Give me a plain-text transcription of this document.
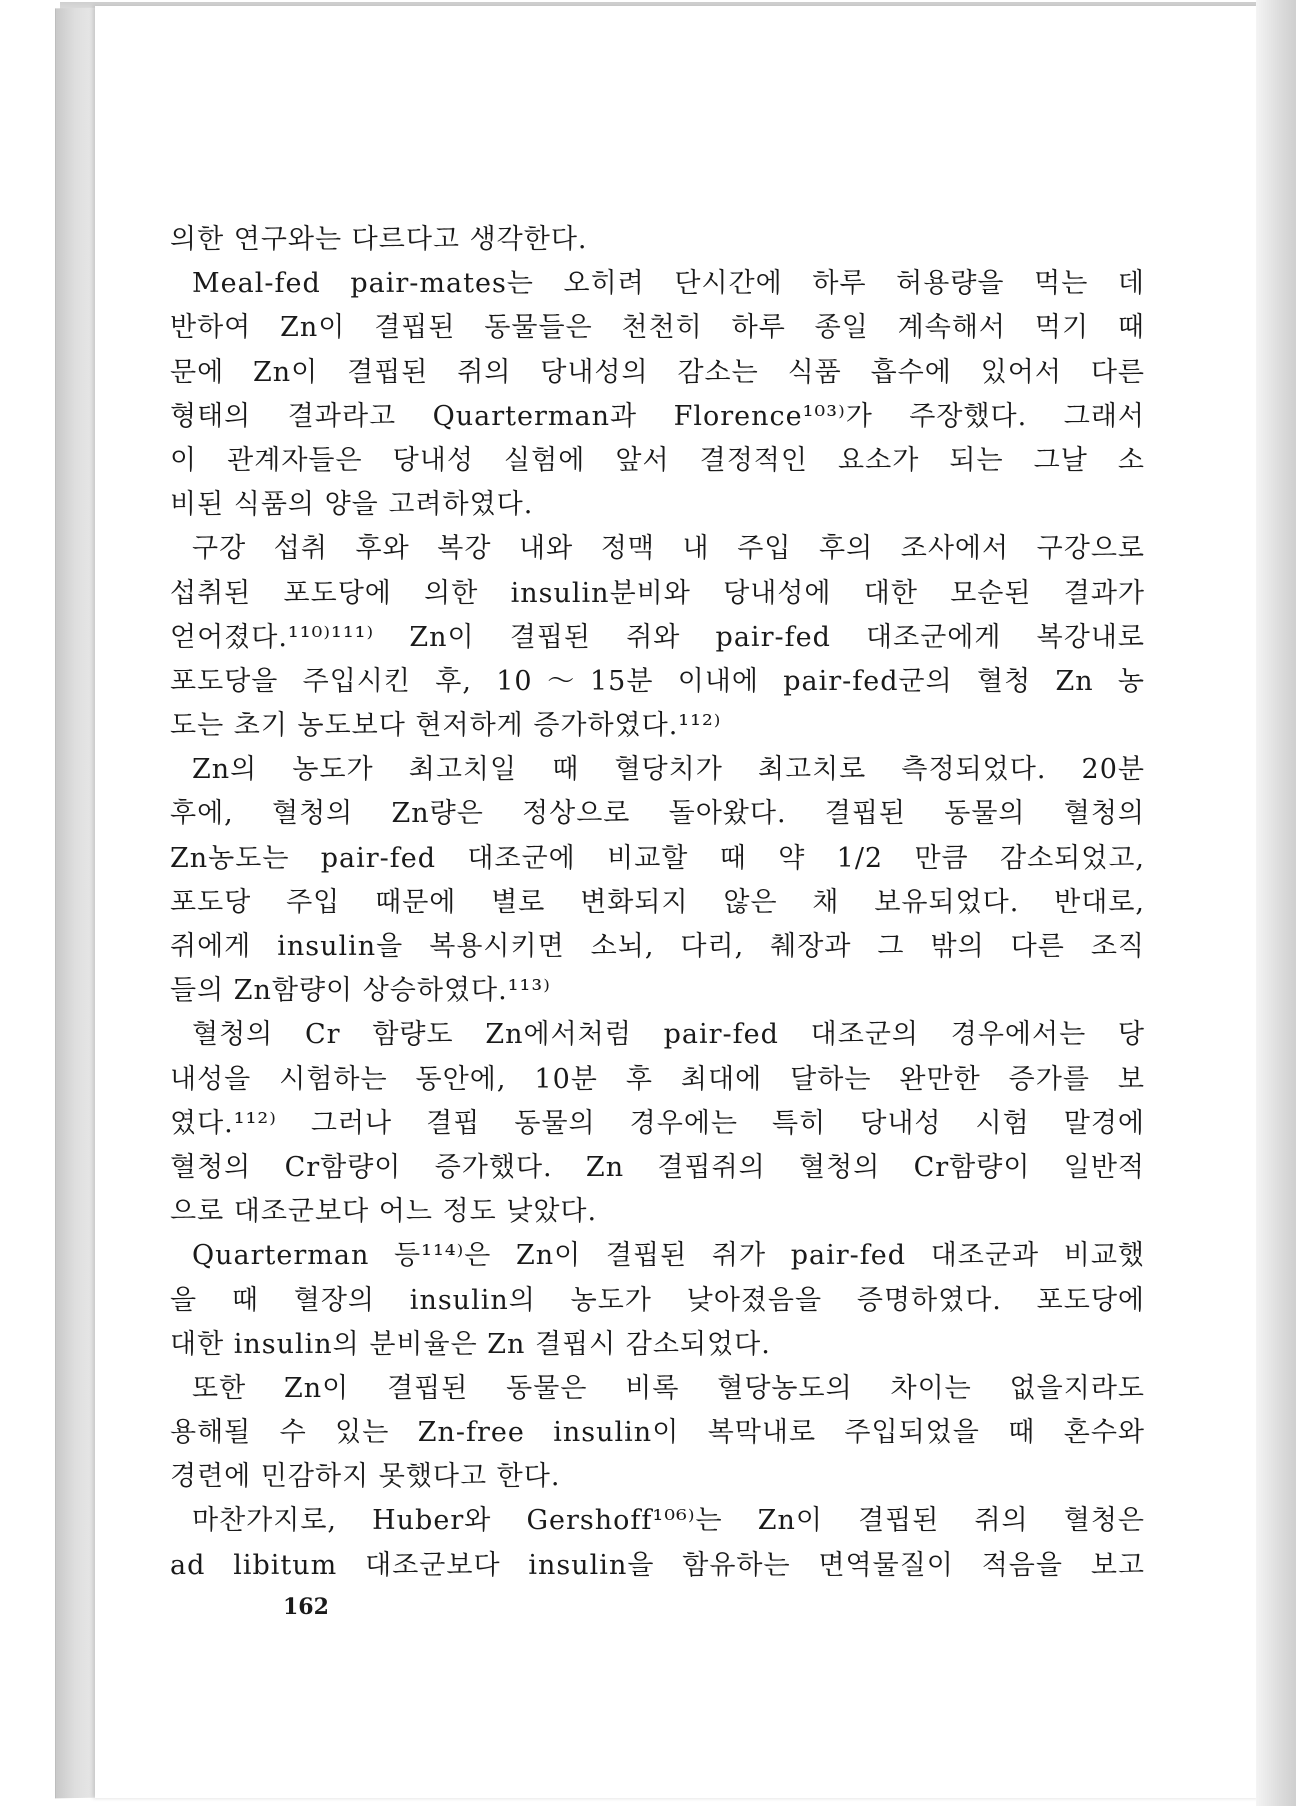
의한 연구와는 다르다고 생각한다.
Meal-fed pair-mates는 오히려 단시간에 하루 허용량을 먹는 데
반하여 Zn이 결핍된 동물들은 천천히 하루 종일 계속해서 먹기 때
문에 Zn이 결핍된 쥐의 당내성의 감소는 식품 흡수에 있어서 다른
형태의 결과라고 Quarterman과 Florence¹⁰³⁾가 주장했다. 그래서
이 관계자들은 당내성 실험에 앞서 결정적인 요소가 되는 그날 소
비된 식품의 양을 고려하였다.
구강 섭취 후와 복강 내와 정맥 내 주입 후의 조사에서 구강으로
섭취된 포도당에 의한 insulin분비와 당내성에 대한 모순된 결과가
얻어졌다.¹¹⁰⁾¹¹¹⁾ Zn이 결핍된 쥐와 pair-fed 대조군에게 복강내로
포도당을 주입시킨 후, 10～15분 이내에 pair-fed군의 혈청 Zn 농
도는 초기 농도보다 현저하게 증가하였다.¹¹²⁾
Zn의 농도가 최고치일 때 혈당치가 최고치로 측정되었다. 20분
후에, 혈청의 Zn량은 정상으로 돌아왔다. 결핍된 동물의 혈청의
Zn농도는 pair-fed 대조군에 비교할 때 약 1/2 만큼 감소되었고,
포도당 주입 때문에 별로 변화되지 않은 채 보유되었다. 반대로,
쥐에게 insulin을 복용시키면 소뇌, 다리, 췌장과 그 밖의 다른 조직
들의 Zn함량이 상승하였다.¹¹³⁾
혈청의 Cr 함량도 Zn에서처럼 pair-fed 대조군의 경우에서는 당
내성을 시험하는 동안에, 10분 후 최대에 달하는 완만한 증가를 보
였다.¹¹²⁾ 그러나 결핍 동물의 경우에는 특히 당내성 시험 말경에
혈청의 Cr함량이 증가했다. Zn 결핍쥐의 혈청의 Cr함량이 일반적
으로 대조군보다 어느 정도 낮았다.
Quarterman 등¹¹⁴⁾은 Zn이 결핍된 쥐가 pair-fed 대조군과 비교했
을 때 혈장의 insulin의 농도가 낮아졌음을 증명하였다. 포도당에
대한 insulin의 분비율은 Zn 결핍시 감소되었다.
또한 Zn이 결핍된 동물은 비록 혈당농도의 차이는 없을지라도
용해될 수 있는 Zn-free insulin이 복막내로 주입되었을 때 혼수와
경련에 민감하지 못했다고 한다.
마찬가지로, Huber와 Gershoff¹⁰⁶⁾는 Zn이 결핍된 쥐의 혈청은
ad libitum 대조군보다 insulin을 함유하는 면역물질이 적음을 보고
162
